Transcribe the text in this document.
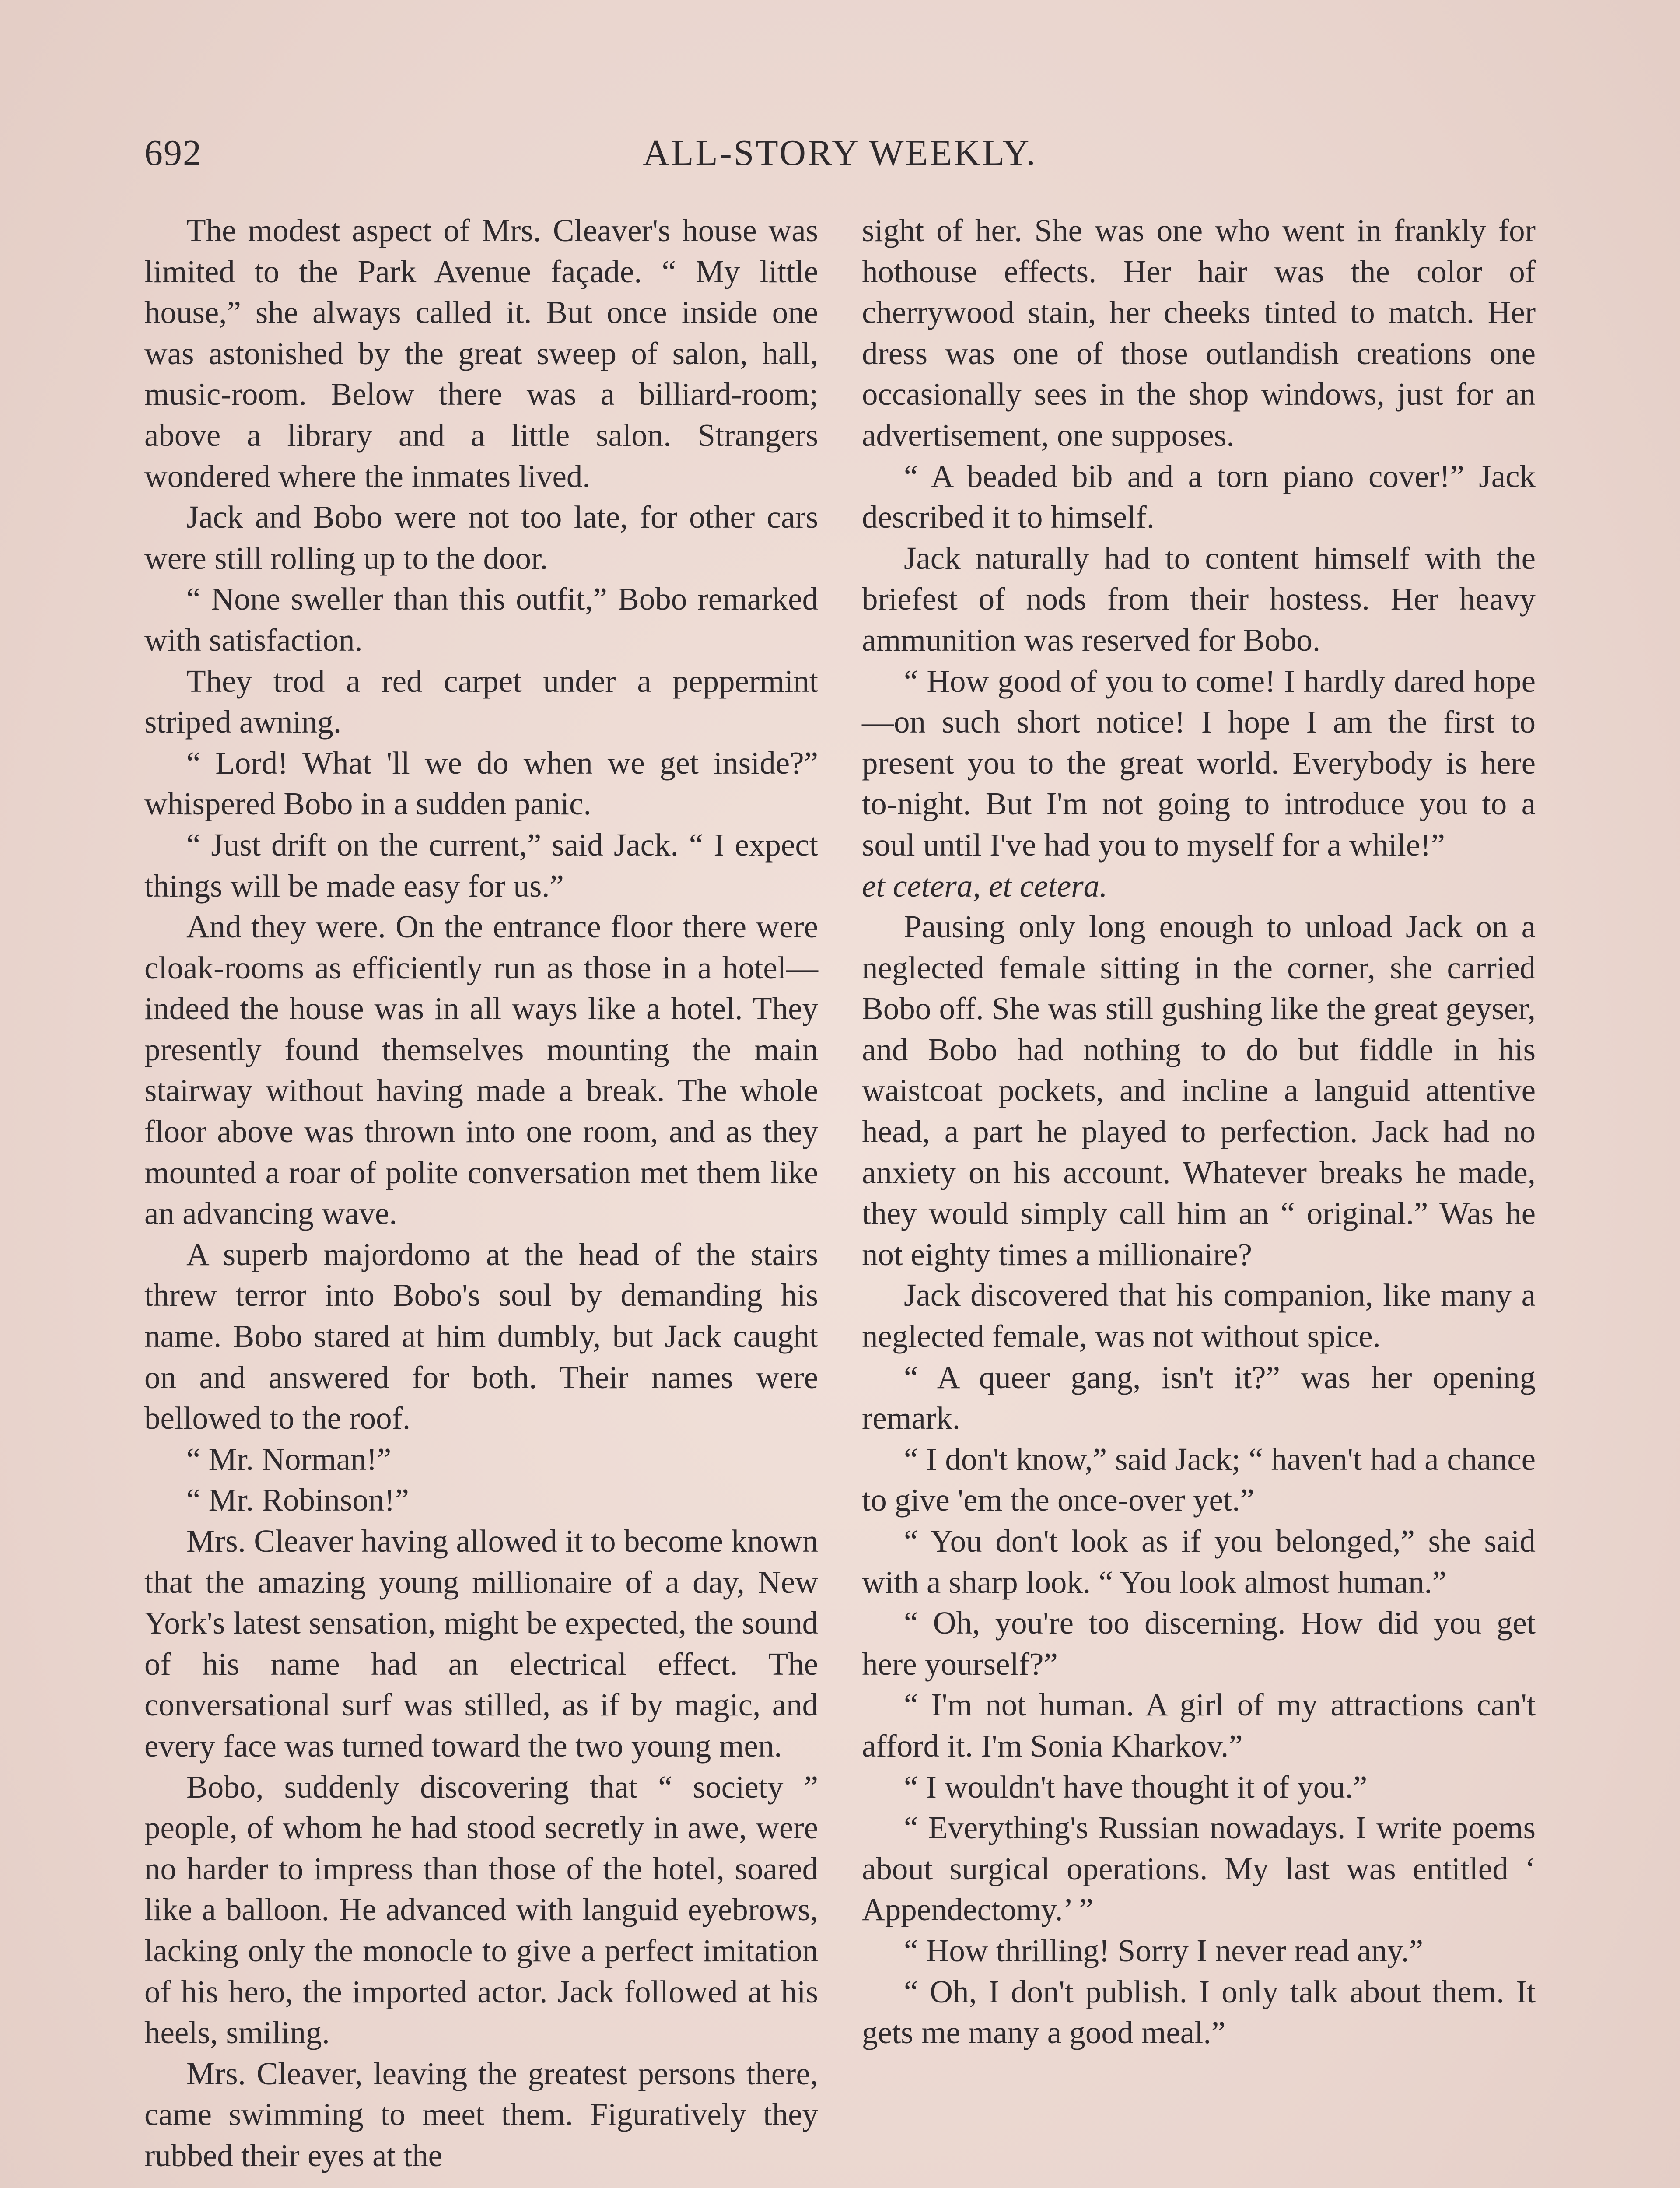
692	ALL-STORY WEEKLY.

The modest aspect of Mrs. Cleaver's house was limited to the Park Avenue façade. “ My little house,” she always called it. But once inside one was astonished by the great sweep of salon, hall, music-room. Below there was a billiard-room; above a library and a little salon. Strangers wondered where the inmates lived.

Jack and Bobo were not too late, for other cars were still rolling up to the door.

“ None sweller than this outfit,” Bobo remarked with satisfaction.

They trod a red carpet under a peppermint striped awning.

“ Lord! What 'll we do when we get inside?” whispered Bobo in a sudden panic.

“ Just drift on the current,” said Jack. “ I expect things will be made easy for us.”

And they were. On the entrance floor there were cloak-rooms as efficiently run as those in a hotel—indeed the house was in all ways like a hotel. They presently found themselves mounting the main stairway without having made a break. The whole floor above was thrown into one room, and as they mounted a roar of polite conversation met them like an advancing wave.

A superb majordomo at the head of the stairs threw terror into Bobo's soul by demanding his name. Bobo stared at him dumbly, but Jack caught on and answered for both. Their names were bellowed to the roof.

“ Mr. Norman!”

“ Mr. Robinson!”

Mrs. Cleaver having allowed it to become known that the amazing young millionaire of a day, New York's latest sensation, might be expected, the sound of his name had an electrical effect. The conversational surf was stilled, as if by magic, and every face was turned toward the two young men.

Bobo, suddenly discovering that “ society ” people, of whom he had stood secretly in awe, were no harder to impress than those of the hotel, soared like a balloon. He advanced with languid eyebrows, lacking only the monocle to give a perfect imitation of his hero, the imported actor. Jack followed at his heels, smiling.

Mrs. Cleaver, leaving the greatest persons there, came swimming to meet them. Figuratively they rubbed their eyes at the

sight of her. She was one who went in frankly for hothouse effects. Her hair was the color of cherrywood stain, her cheeks tinted to match. Her dress was one of those outlandish creations one occasionally sees in the shop windows, just for an advertisement, one supposes.

“ A beaded bib and a torn piano cover!” Jack described it to himself.

Jack naturally had to content himself with the briefest of nods from their hostess. Her heavy ammunition was reserved for Bobo.

“ How good of you to come! I hardly dared hope—on such short notice! I hope I am the first to present you to the great world. Everybody is here to-night. But I'm not going to introduce you to a soul until I've had you to myself for a while!”

et cetera, et cetera.

Pausing only long enough to unload Jack on a neglected female sitting in the corner, she carried Bobo off. She was still gushing like the great geyser, and Bobo had nothing to do but fiddle in his waistcoat pockets, and incline a languid attentive head, a part he played to perfection. Jack had no anxiety on his account. Whatever breaks he made, they would simply call him an “ original.” Was he not eighty times a millionaire?

Jack discovered that his companion, like many a neglected female, was not without spice.

“ A queer gang, isn't it?” was her opening remark.

“ I don't know,” said Jack; “ haven't had a chance to give 'em the once-over yet.”

“ You don't look as if you belonged,” she said with a sharp look. “ You look almost human.”

“ Oh, you're too discerning. How did you get here yourself?”

“ I'm not human. A girl of my attractions can't afford it. I'm Sonia Kharkov.”

“ I wouldn't have thought it of you.”

“ Everything's Russian nowadays. I write poems about surgical operations. My last was entitled ‘ Appendectomy.’ ”

“ How thrilling! Sorry I never read any.”

“ Oh, I don't publish. I only talk about them. It gets me many a good meal.”
